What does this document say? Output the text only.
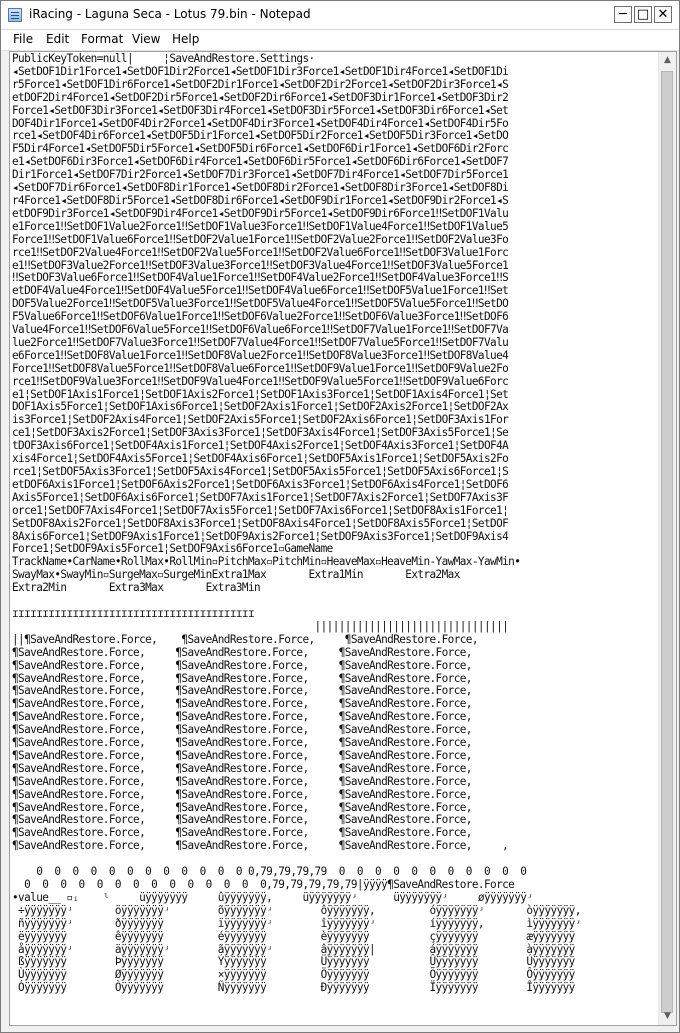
iRacing - Laguna Seca - Lotus 79.bin - Notepad	─ □ ✕
File Edit Format View Help
PublicKeyToken=null|     ¦SaveAndRestore.Settings·
◂SetDOF1Dir1Force1◂SetDOF1Dir2Force1◂SetDOF1Dir3Force1◂SetDOF1Dir4Force1◂SetDOF1Di
r5Force1◂SetDOF1Dir6Force1◂SetDOF2Dir1Force1◂SetDOF2Dir2Force1◂SetDOF2Dir3Force1◂S
etDOF2Dir4Force1◂SetDOF2Dir5Force1◂SetDOF2Dir6Force1◂SetDOF3Dir1Force1◂SetDOF3Dir2
Force1◂SetDOF3Dir3Force1◂SetDOF3Dir4Force1◂SetDOF3Dir5Force1◂SetDOF3Dir6Force1◂Set
DOF4Dir1Force1◂SetDOF4Dir2Force1◂SetDOF4Dir3Force1◂SetDOF4Dir4Force1◂SetDOF4Dir5Fo
rce1◂SetDOF4Dir6Force1◂SetDOF5Dir1Force1◂SetDOF5Dir2Force1◂SetDOF5Dir3Force1◂SetDO
F5Dir4Force1◂SetDOF5Dir5Force1◂SetDOF5Dir6Force1◂SetDOF6Dir1Force1◂SetDOF6Dir2Forc
e1◂SetDOF6Dir3Force1◂SetDOF6Dir4Force1◂SetDOF6Dir5Force1◂SetDOF6Dir6Force1◂SetDOF7
Dir1Force1◂SetDOF7Dir2Force1◂SetDOF7Dir3Force1◂SetDOF7Dir4Force1◂SetDOF7Dir5Force1
◂SetDOF7Dir6Force1◂SetDOF8Dir1Force1◂SetDOF8Dir2Force1◂SetDOF8Dir3Force1◂SetDOF8Di
r4Force1◂SetDOF8Dir5Force1◂SetDOF8Dir6Force1◂SetDOF9Dir1Force1◂SetDOF9Dir2Force1◂S
etDOF9Dir3Force1◂SetDOF9Dir4Force1◂SetDOF9Dir5Force1◂SetDOF9Dir6Force1‼SetDOF1Valu
e1Force1‼SetDOF1Value2Force1‼SetDOF1Value3Force1‼SetDOF1Value4Force1‼SetDOF1Value5
Force1‼SetDOF1Value6Force1‼SetDOF2Value1Force1‼SetDOF2Value2Force1‼SetDOF2Value3Fo
rce1‼SetDOF2Value4Force1‼SetDOF2Value5Force1‼SetDOF2Value6Force1‼SetDOF3Value1Forc
e1‼SetDOF3Value2Force1‼SetDOF3Value3Force1‼SetDOF3Value4Force1‼SetDOF3Value5Force1
‼SetDOF3Value6Force1‼SetDOF4Value1Force1‼SetDOF4Value2Force1‼SetDOF4Value3Force1‼S
etDOF4Value4Force1‼SetDOF4Value5Force1‼SetDOF4Value6Force1‼SetDOF5Value1Force1‼Set
DOF5Value2Force1‼SetDOF5Value3Force1‼SetDOF5Value4Force1‼SetDOF5Value5Force1‼SetDO
F5Value6Force1‼SetDOF6Value1Force1‼SetDOF6Value2Force1‼SetDOF6Value3Force1‼SetDOF6
Value4Force1‼SetDOF6Value5Force1‼SetDOF6Value6Force1‼SetDOF7Value1Force1‼SetDOF7Va
lue2Force1‼SetDOF7Value3Force1‼SetDOF7Value4Force1‼SetDOF7Value5Force1‼SetDOF7Valu
e6Force1‼SetDOF8Value1Force1‼SetDOF8Value2Force1‼SetDOF8Value3Force1‼SetDOF8Value4
Force1‼SetDOF8Value5Force1‼SetDOF8Value6Force1‼SetDOF9Value1Force1‼SetDOF9Value2Fo
rce1‼SetDOF9Value3Force1‼SetDOF9Value4Force1‼SetDOF9Value5Force1‼SetDOF9Value6Forc
e1¦SetDOF1Axis1Force1¦SetDOF1Axis2Force1¦SetDOF1Axis3Force1¦SetDOF1Axis4Force1¦Set
DOF1Axis5Force1¦SetDOF1Axis6Force1¦SetDOF2Axis1Force1¦SetDOF2Axis2Force1¦SetDOF2Ax
is3Force1¦SetDOF2Axis4Force1¦SetDOF2Axis5Force1¦SetDOF2Axis6Force1¦SetDOF3Axis1For
ce1¦SetDOF3Axis2Force1¦SetDOF3Axis3Force1¦SetDOF3Axis4Force1¦SetDOF3Axis5Force1¦Se
tDOF3Axis6Force1¦SetDOF4Axis1Force1¦SetDOF4Axis2Force1¦SetDOF4Axis3Force1¦SetDOF4A
xis4Force1¦SetDOF4Axis5Force1¦SetDOF4Axis6Force1¦SetDOF5Axis1Force1¦SetDOF5Axis2Fo
rce1¦SetDOF5Axis3Force1¦SetDOF5Axis4Force1¦SetDOF5Axis5Force1¦SetDOF5Axis6Force1¦S
etDOF6Axis1Force1¦SetDOF6Axis2Force1¦SetDOF6Axis3Force1¦SetDOF6Axis4Force1¦SetDOF6
Axis5Force1¦SetDOF6Axis6Force1¦SetDOF7Axis1Force1¦SetDOF7Axis2Force1¦SetDOF7Axis3F
orce1¦SetDOF7Axis4Force1¦SetDOF7Axis5Force1¦SetDOF7Axis6Force1¦SetDOF8Axis1Force1¦
SetDOF8Axis2Force1¦SetDOF8Axis3Force1¦SetDOF8Axis4Force1¦SetDOF8Axis5Force1¦SetDOF
8Axis6Force1¦SetDOF9Axis1Force1¦SetDOF9Axis2Force1¦SetDOF9Axis3Force1¦SetDOF9Axis4
Force1¦SetDOF9Axis5Force1¦SetDOF9Axis6Force1▫GameName
TrackName•CarName•RollMax•RollMin▫PitchMax▫PitchMin▫HeaveMax▫HeaveMin-YawMax-YawMin•
SwayMax•SwayMin▫SurgeMax▫SurgeMinExtra1Max       Extra1Min       Extra2Max
Extra2Min       Extra3Max       Extra3Min

ɪɪɪɪɪɪɪɪɪɪɪɪɪɪɪɪɪɪɪɪɪɪɪɪɪɪɪɪɪɪɪɪɪɪɪɪɪɪɪɪ
||||||||||||||||||||||||||||||||
||¶SaveAndRestore.Force,    ¶SaveAndRestore.Force,     ¶SaveAndRestore.Force,
¶SaveAndRestore.Force,     ¶SaveAndRestore.Force,     ¶SaveAndRestore.Force,
¶SaveAndRestore.Force,     ¶SaveAndRestore.Force,     ¶SaveAndRestore.Force,
¶SaveAndRestore.Force,     ¶SaveAndRestore.Force,     ¶SaveAndRestore.Force,
¶SaveAndRestore.Force,     ¶SaveAndRestore.Force,     ¶SaveAndRestore.Force,
¶SaveAndRestore.Force,     ¶SaveAndRestore.Force,     ¶SaveAndRestore.Force,
¶SaveAndRestore.Force,     ¶SaveAndRestore.Force,     ¶SaveAndRestore.Force,
¶SaveAndRestore.Force,     ¶SaveAndRestore.Force,     ¶SaveAndRestore.Force,
¶SaveAndRestore.Force,     ¶SaveAndRestore.Force,     ¶SaveAndRestore.Force,
¶SaveAndRestore.Force,     ¶SaveAndRestore.Force,     ¶SaveAndRestore.Force,
¶SaveAndRestore.Force,     ¶SaveAndRestore.Force,     ¶SaveAndRestore.Force,
¶SaveAndRestore.Force,     ¶SaveAndRestore.Force,     ¶SaveAndRestore.Force,
¶SaveAndRestore.Force,     ¶SaveAndRestore.Force,     ¶SaveAndRestore.Force,
¶SaveAndRestore.Force,     ¶SaveAndRestore.Force,     ¶SaveAndRestore.Force,
¶SaveAndRestore.Force,     ¶SaveAndRestore.Force,     ¶SaveAndRestore.Force,
¶SaveAndRestore.Force,     ¶SaveAndRestore.Force,     ¶SaveAndRestore.Force,
¶SaveAndRestore.Force,     ¶SaveAndRestore.Force,     ¶SaveAndRestore.Force,     ,

0  0  0  0  0  0  0  0  0  0  0  0 0,79,79,79,79  0  0  0  0  0  0  0  0  0  0  0
0  0  0  0  0  0  0  0  0  0  0  0  0  0,79,79,79,79,79|ÿÿÿÿ¶SaveAndRestore.Force
•value__ ▫ᵢ    ˡ     üÿÿÿÿÿÿÿ     ûÿÿÿÿÿÿÿ,     üÿÿÿÿÿÿÿʴ      üÿÿÿÿÿÿÿʴ     øÿÿÿÿÿÿÿʴ
÷ÿÿÿÿÿÿÿʴ       öÿÿÿÿÿÿÿʴ        õÿÿÿÿÿÿÿʴ        ôÿÿÿÿÿÿÿ,         óÿÿÿÿÿÿÿʴ       òÿÿÿÿÿÿÿ,
ñÿÿÿÿÿÿÿʴ       ðÿÿÿÿÿÿÿ         ïÿÿÿÿÿÿÿʴ        îÿÿÿÿÿÿÿʴ         íÿÿÿÿÿÿÿ,       ìÿÿÿÿÿÿÿʴ
ëÿÿÿÿÿÿÿ        êÿÿÿÿÿÿÿ         éÿÿÿÿÿÿÿ         èÿÿÿÿÿÿÿ          çÿÿÿÿÿÿÿ        æÿÿÿÿÿÿÿ
åÿÿÿÿÿÿÿʴ       äÿÿÿÿÿÿÿʴ        ãÿÿÿÿÿÿÿʴ        âÿÿÿÿÿÿÿ|         áÿÿÿÿÿÿÿ        àÿÿÿÿÿÿÿ
ßÿÿÿÿÿÿÿ        Þÿÿÿÿÿÿÿ         Ýÿÿÿÿÿÿÿ         Üÿÿÿÿÿÿÿ          Ûÿÿÿÿÿÿÿ        Úÿÿÿÿÿÿÿ
Ùÿÿÿÿÿÿÿ        Øÿÿÿÿÿÿÿ         ×ÿÿÿÿÿÿÿ         Öÿÿÿÿÿÿÿ          Õÿÿÿÿÿÿÿ        Ôÿÿÿÿÿÿÿ
Óÿÿÿÿÿÿÿ        Òÿÿÿÿÿÿÿ         Ñÿÿÿÿÿÿÿ         Ðÿÿÿÿÿÿÿ          Ïÿÿÿÿÿÿÿ        Îÿÿÿÿÿÿÿ

▲
▼
